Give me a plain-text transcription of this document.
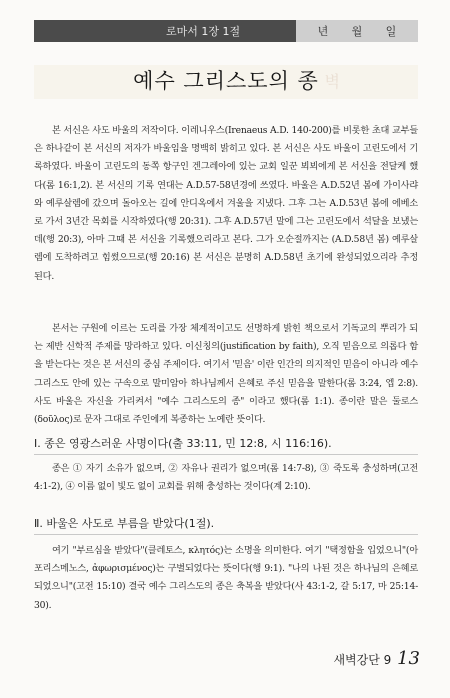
로마서 1장 1절	년 월 일
벽
예수 그리스도의 종

본 서신은 사도 바울의 저작이다. 이레니우스(Irenaeus A.D. 140-200)를 비롯한 초대 교부들은 하나같이 본 서신의 저자가 바울임을 명백히 밝히고 있다. 본 서신은 사도 바울이 고린도에서 기록하였다. 바울이 고린도의 동쪽 항구인 겐그레아에 있는 교회 일꾼 뵈뵈에게 본 서신을 전달케 했다(롬 16:1,2). 본 서신의 기록 연대는 A.D.57-58년경에 쓰였다. 바울은 A.D.52년 봄에 가이사랴와 예루살렘에 갔으며 돌아오는 길에 안디옥에서 겨울을 지냈다. 그후 그는 A.D.53년 봄에 에베소로 가서 3년간 목회를 시작하였다(행 20:31). 그후 A.D.57년 말에 그는 고린도에서 석달을 보냈는데(행 20:3), 아마 그때 본 서신을 기록했으리라고 본다. 그가 오순절까지는 (A.D.58년 봄) 예루살렘에 도착하려고 힘썼으므로(행 20:16) 본 서신은 분명히 A.D.58년 초기에 완성되었으리라 추정된다.

본서는 구원에 이르는 도리를 가장 체계적이고도 선명하게 밝힌 책으로서 기독교의 뿌리가 되는 제반 신학적 주제를 망라하고 있다. 이신칭의(justification by faith), 오직 믿음으로 의롭다 함을 받는다는 것은 본 서신의 중심 주제이다. 여기서 '믿음' 이란 인간의 의지적인 믿음이 아니라 예수 그리스도 안에 있는 구속으로 말미암아 하나님께서 은혜로 주신 믿음을 말한다(롬 3:24, 엡 2:8). 사도 바울은 자신을 가리켜서 "예수 그리스도의 종" 이라고 했다(롬 1:1). 종이란 말은 둘로스(δοῦλος)로 문자 그대로 주인에게 복종하는 노예란 뜻이다.

Ⅰ. 종은 영광스러운 사명이다(출 33:11, 민 12:8, 시 116:16).

종은 ① 자기 소유가 없으며, ② 자유나 권리가 없으며(롬 14:7-8), ③ 죽도록 충성하며(고전 4:1-2), ④ 이름 없이 빛도 없이 교회를 위해 충성하는 것이다(계 2:10).

Ⅱ. 바울은 사도로 부름을 받았다(1절).

여기 "부르심을 받았다"(클레토스, κλητός)는 소명을 의미한다. 여기 "택정함을 입었으니"(아포리스메노스, ἀφωρισμένος)는 구별되었다는 뜻이다(행 9:1). "나의 나된 것은 하나님의 은혜로 되었으니"(고전 15:10) 결국 예수 그리스도의 종은 축복을 받았다(사 43:1-2, 갈 5:17, 마 25:14-30).

새벽강단 9 13
